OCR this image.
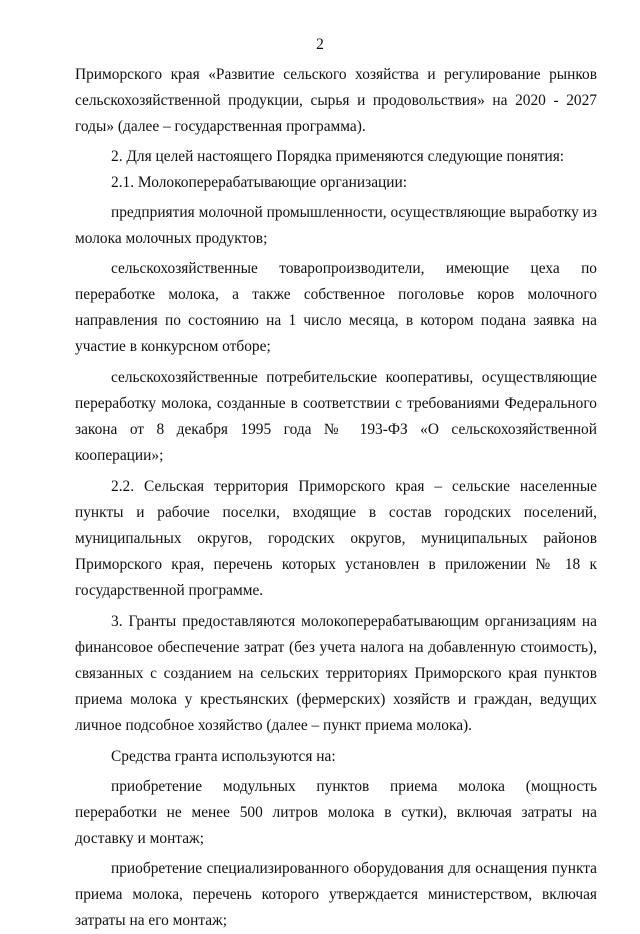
2

Приморского края «Развитие сельского хозяйства и регулирование рынков сельскохозяйственной продукции, сырья и продовольствия» на 2020 - 2027 годы» (далее – государственная программа).

2. Для целей настоящего Порядка применяются следующие понятия:

2.1. Молокоперерабатывающие организации:

предприятия молочной промышленности, осуществляющие выработку из молока молочных продуктов;

сельскохозяйственные товаропроизводители, имеющие цеха по переработке молока, а также собственное поголовье коров молочного направления по состоянию на 1 число месяца, в котором подана заявка на участие в конкурсном отборе;

сельскохозяйственные потребительские кооперативы, осуществляющие переработку молока, созданные в соответствии с требованиями Федерального закона от 8 декабря 1995 года № 193-ФЗ «О сельскохозяйственной кооперации»;

2.2. Сельская территория Приморского края – сельские населенные пункты и рабочие поселки, входящие в состав городских поселений, муниципальных округов, городских округов, муниципальных районов Приморского края, перечень которых установлен в приложении № 18 к государственной программе.

3. Гранты предоставляются молокоперерабатывающим организациям на финансовое обеспечение затрат (без учета налога на добавленную стоимость), связанных с созданием на сельских территориях Приморского края пунктов приема молока у крестьянских (фермерских) хозяйств и граждан, ведущих личное подсобное хозяйство (далее – пункт приема молока).

Средства гранта используются на:

приобретение модульных пунктов приема молока (мощность переработки не менее 500 литров молока в сутки), включая затраты на доставку и монтаж;

приобретение специализированного оборудования для оснащения пункта приема молока, перечень которого утверждается министерством, включая затраты на его монтаж;
